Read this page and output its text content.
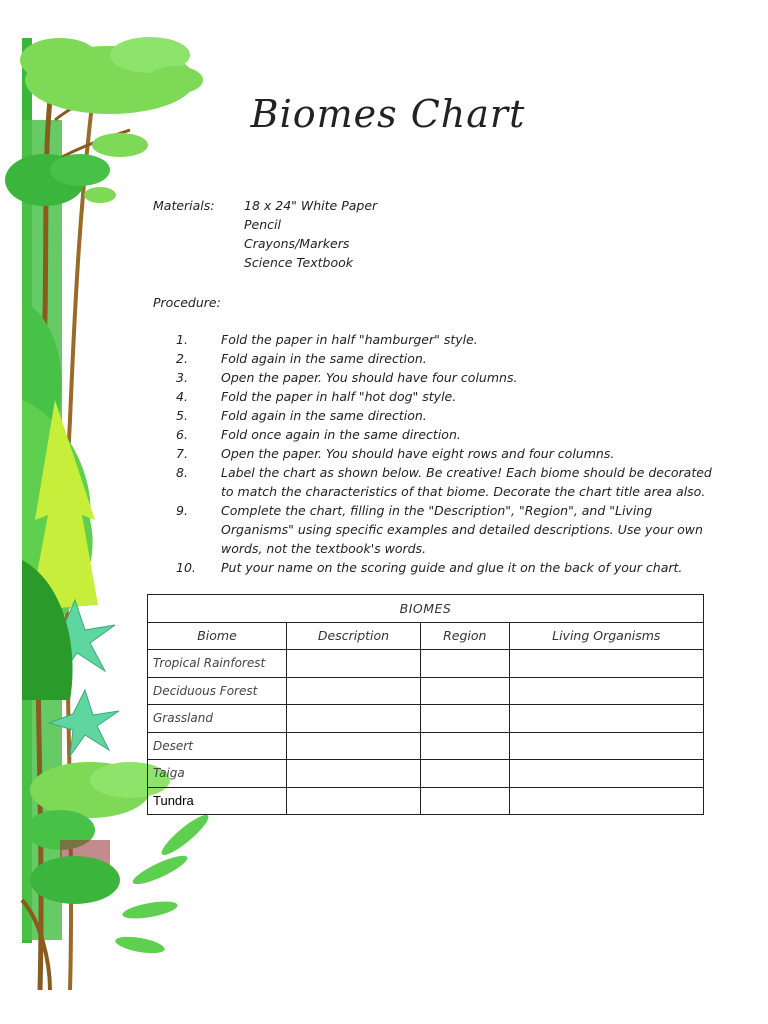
Biomes Chart
Materials: 18 x 24" White Paper
Pencil
Crayons/Markers
Science Textbook
Procedure:
1.	Fold the paper in half "hamburger" style.
2.	Fold again in the same direction.
3.	Open the paper. You should have four columns.
4.	Fold the paper in half "hot dog" style.
5.	Fold again in the same direction.
6.	Fold once again in the same direction.
7.	Open the paper. You should have eight rows and four columns.
8.	Label the chart as shown below. Be creative! Each biome should be decorated to match the characteristics of that biome. Decorate the chart title area also.
9.	Complete the chart, filling in the "Description", "Region", and "Living Organisms" using specific examples and detailed descriptions. Use your own words, not the textbook's words.
10. Put your name on the scoring guide and glue it on the back of your chart.
BIOMES			
Biome	Description	Region	Living Organisms
Tropical Rainforest			
Deciduous Forest			
Grassland			
Desert			
Taiga			
Tundra			
